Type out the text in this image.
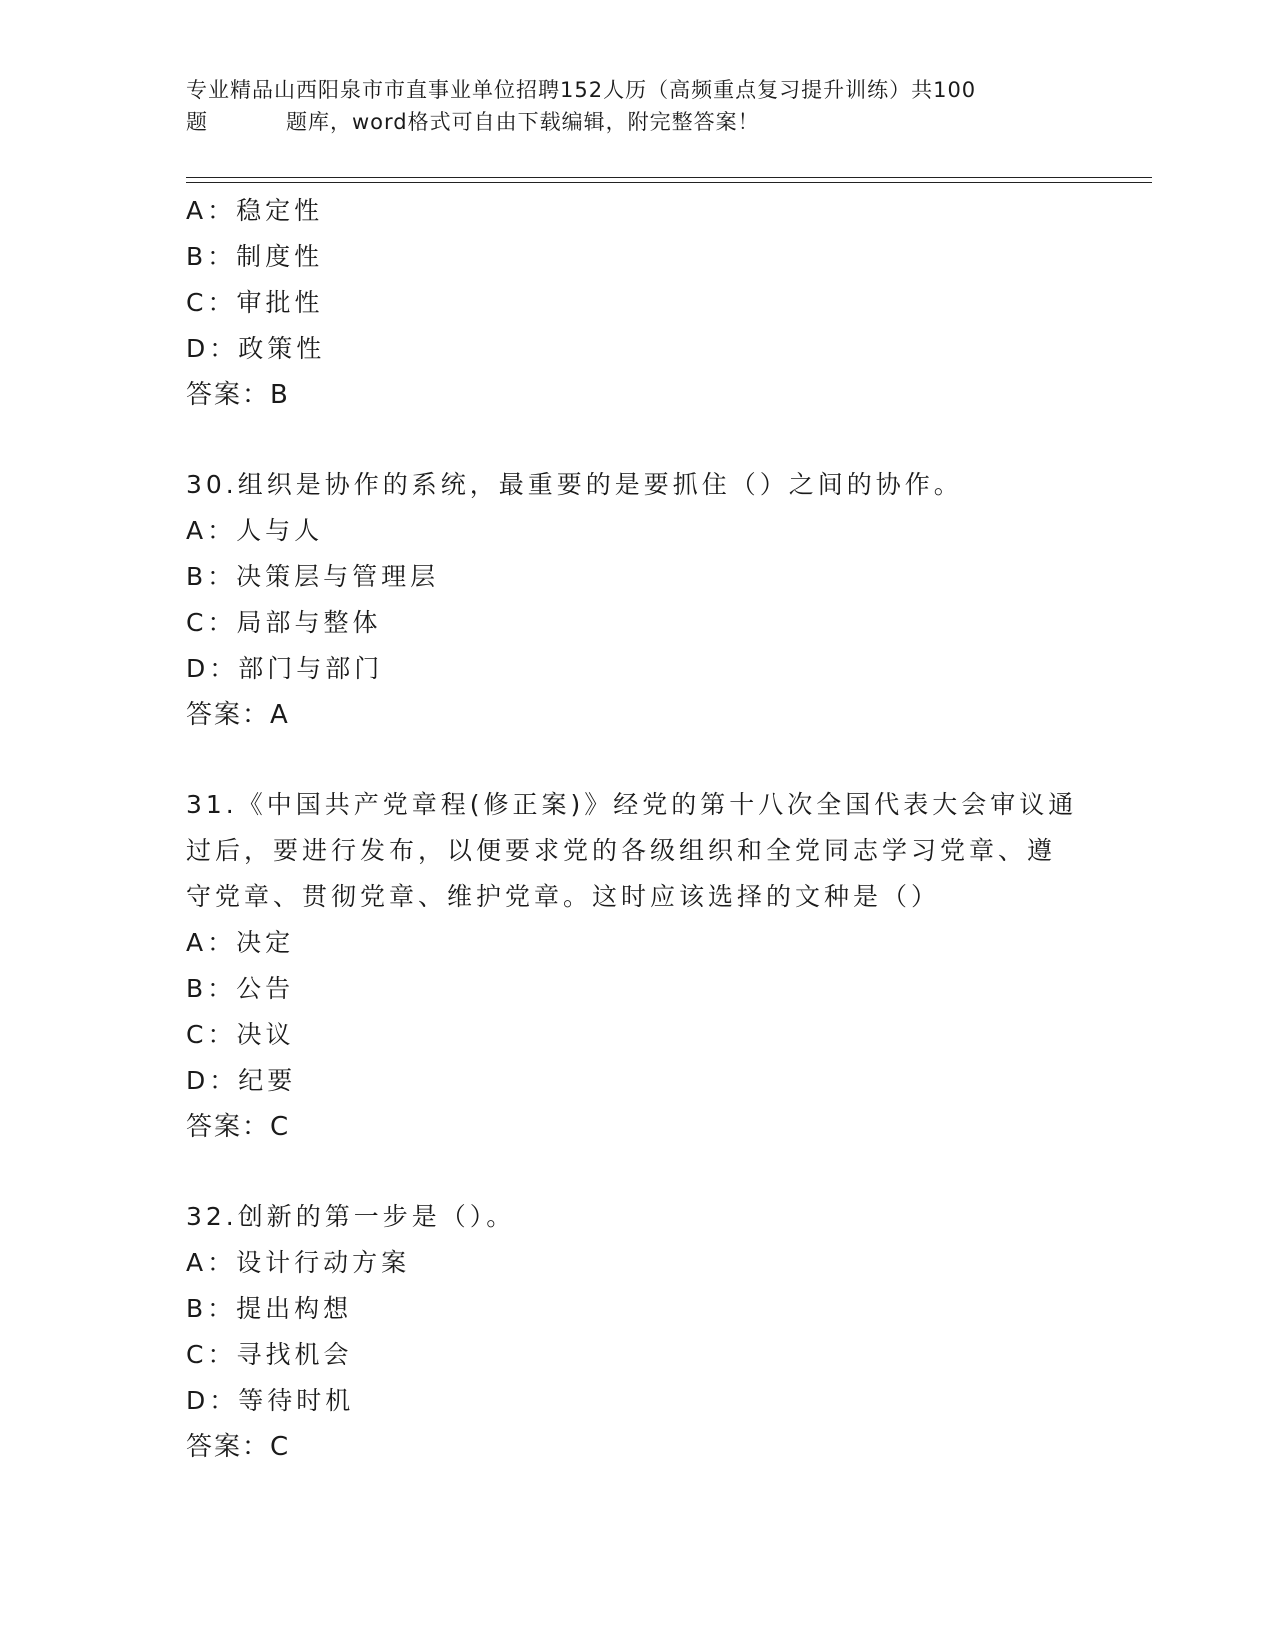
专业精品山西阳泉市市直事业单位招聘152人历（高频重点复习提升训练）共100
题	题库，word格式可自由下载编辑，附完整答案！
A：稳定性
B：制度性
C：审批性
D：政策性
答案：B
30.组织是协作的系统，最重要的是要抓住（）之间的协作。
A：人与人
B：决策层与管理层
C：局部与整体
D：部门与部门
答案：A
31.《中国共产党章程(修正案)》经党的第十八次全国代表大会审议通
过后，要进行发布，以便要求党的各级组织和全党同志学习党章、遵
守党章、贯彻党章、维护党章。这时应该选择的文种是（）
A：决定
B：公告
C：决议
D：纪要
答案：C
32.创新的第一步是（）。
A：设计行动方案
B：提出构想
C：寻找机会
D：等待时机
答案：C
